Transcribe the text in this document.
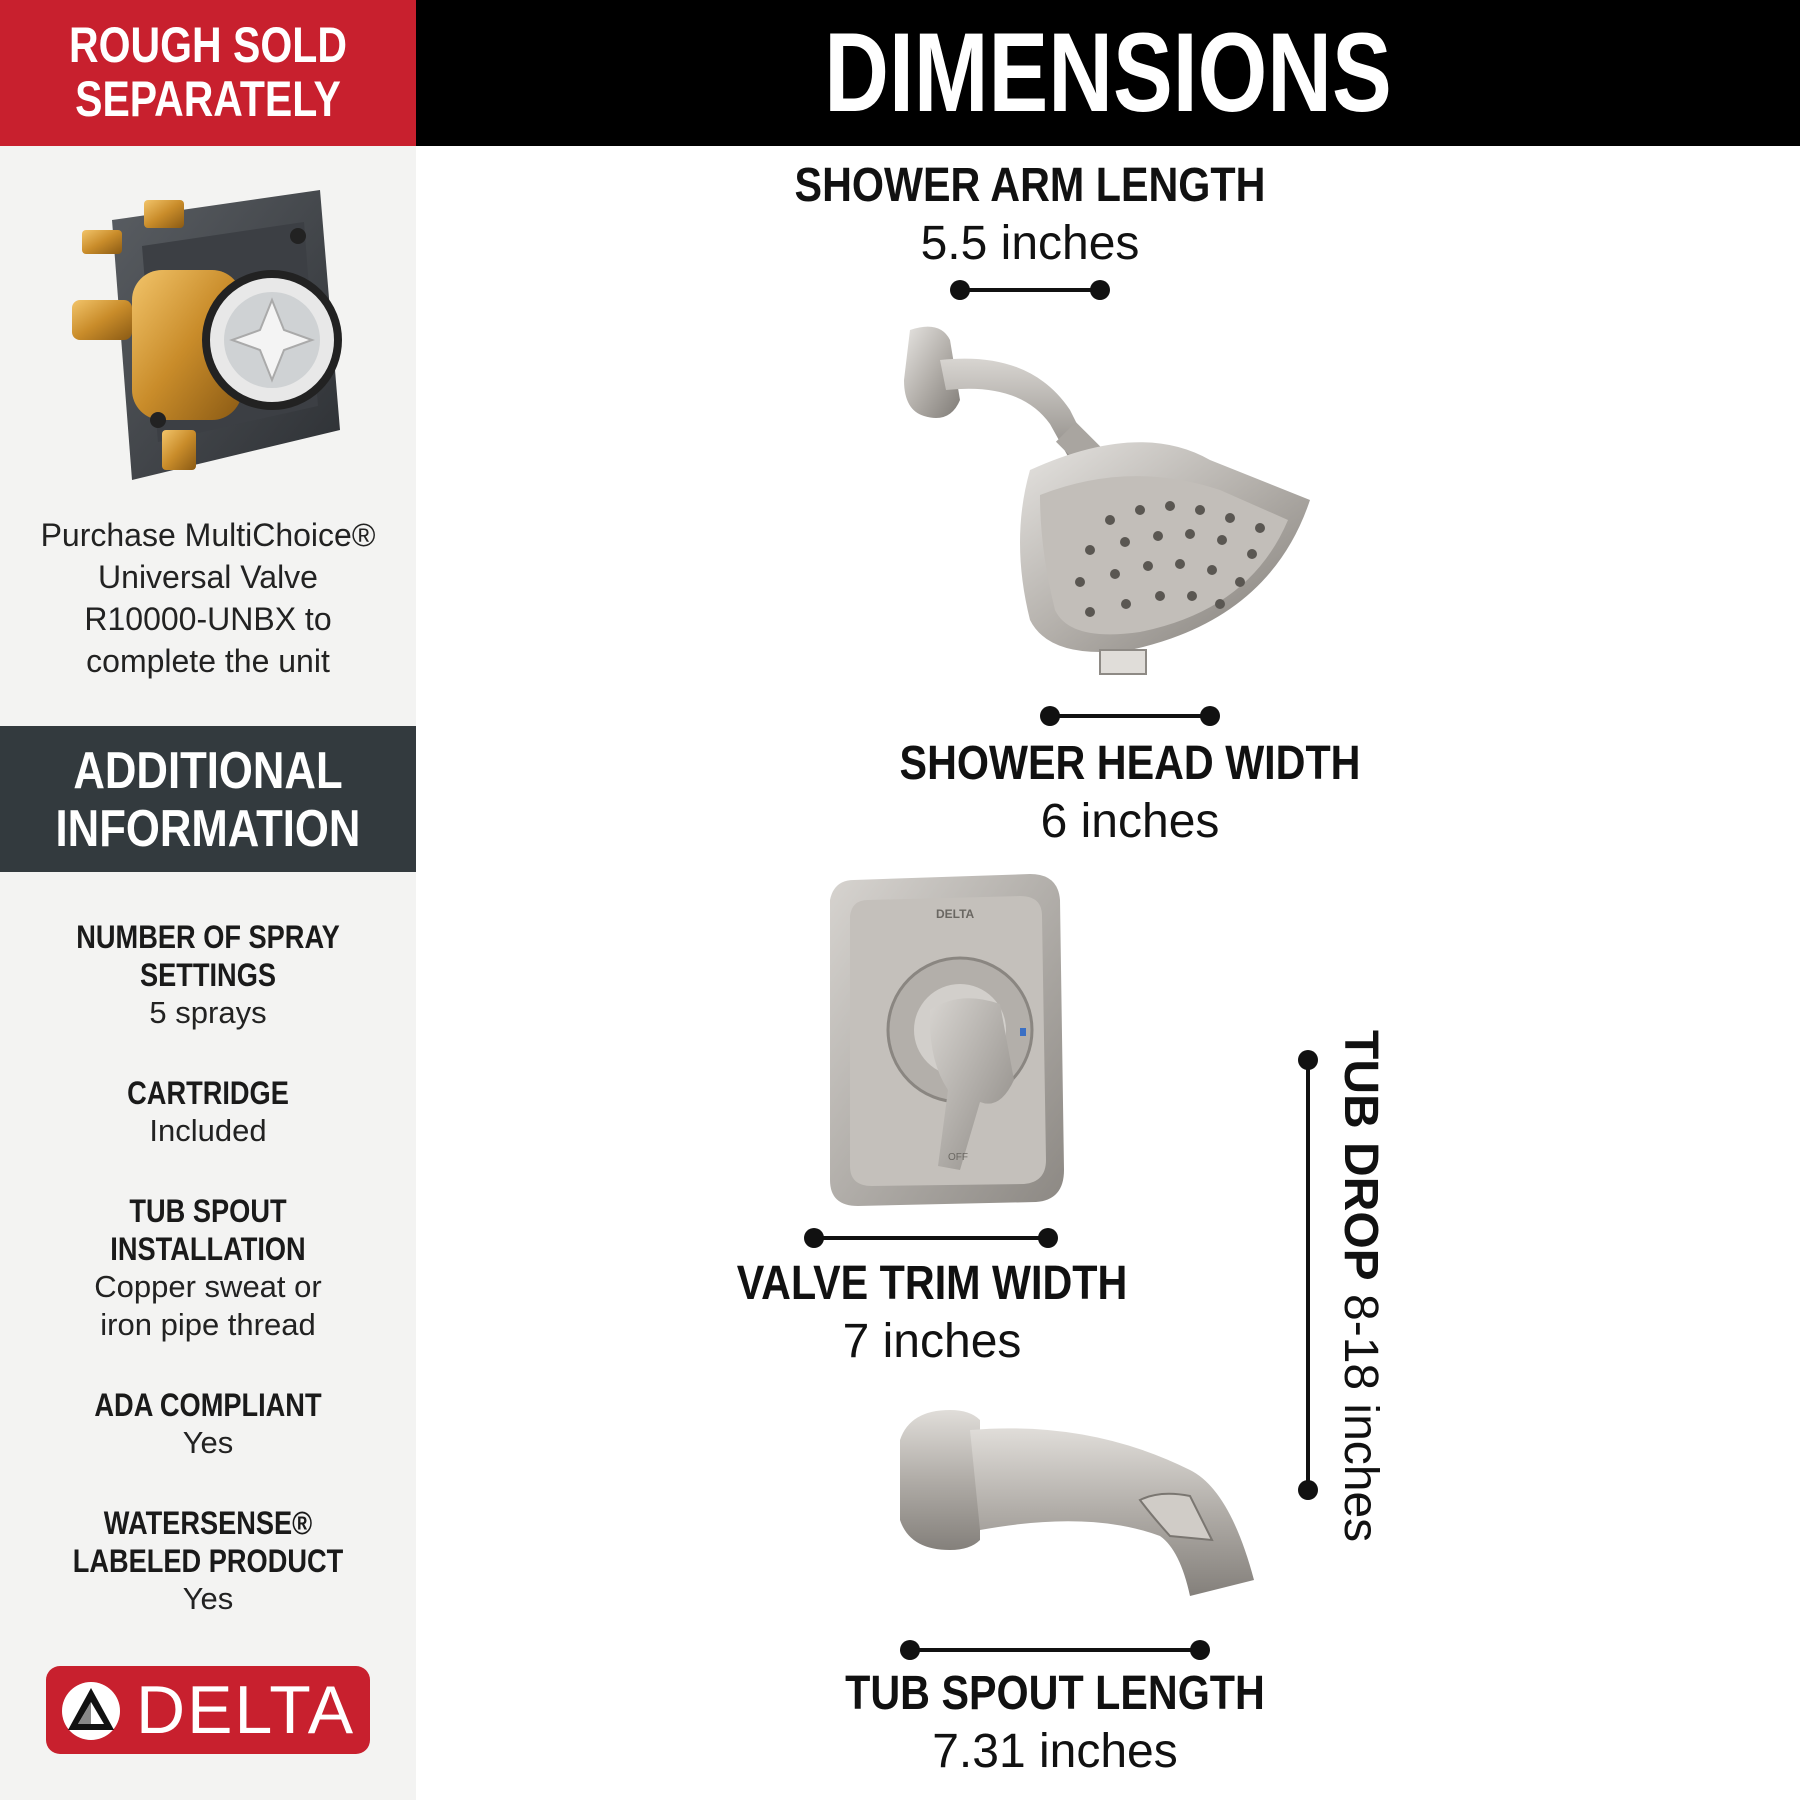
ROUGH SOLD
SEPARATELY
Purchase MultiChoice®
Universal Valve
R10000-UNBX to
complete the unit
ADDITIONAL
INFORMATION
NUMBER OF SPRAY
SETTINGS
5 sprays
CARTRIDGE
Included
TUB SPOUT
INSTALLATION
Copper sweat or
iron pipe thread
ADA COMPLIANT
Yes
WATERSENSE®
LABELED PRODUCT
Yes
DELTA
DIMENSIONS
SHOWER ARM LENGTH
5.5 inches
SHOWER HEAD WIDTH
6 inches
DELTA
OFF
VALVE TRIM WIDTH
7 inches
TUB DROP 8-18 inches
TUB SPOUT LENGTH
7.31 inches
